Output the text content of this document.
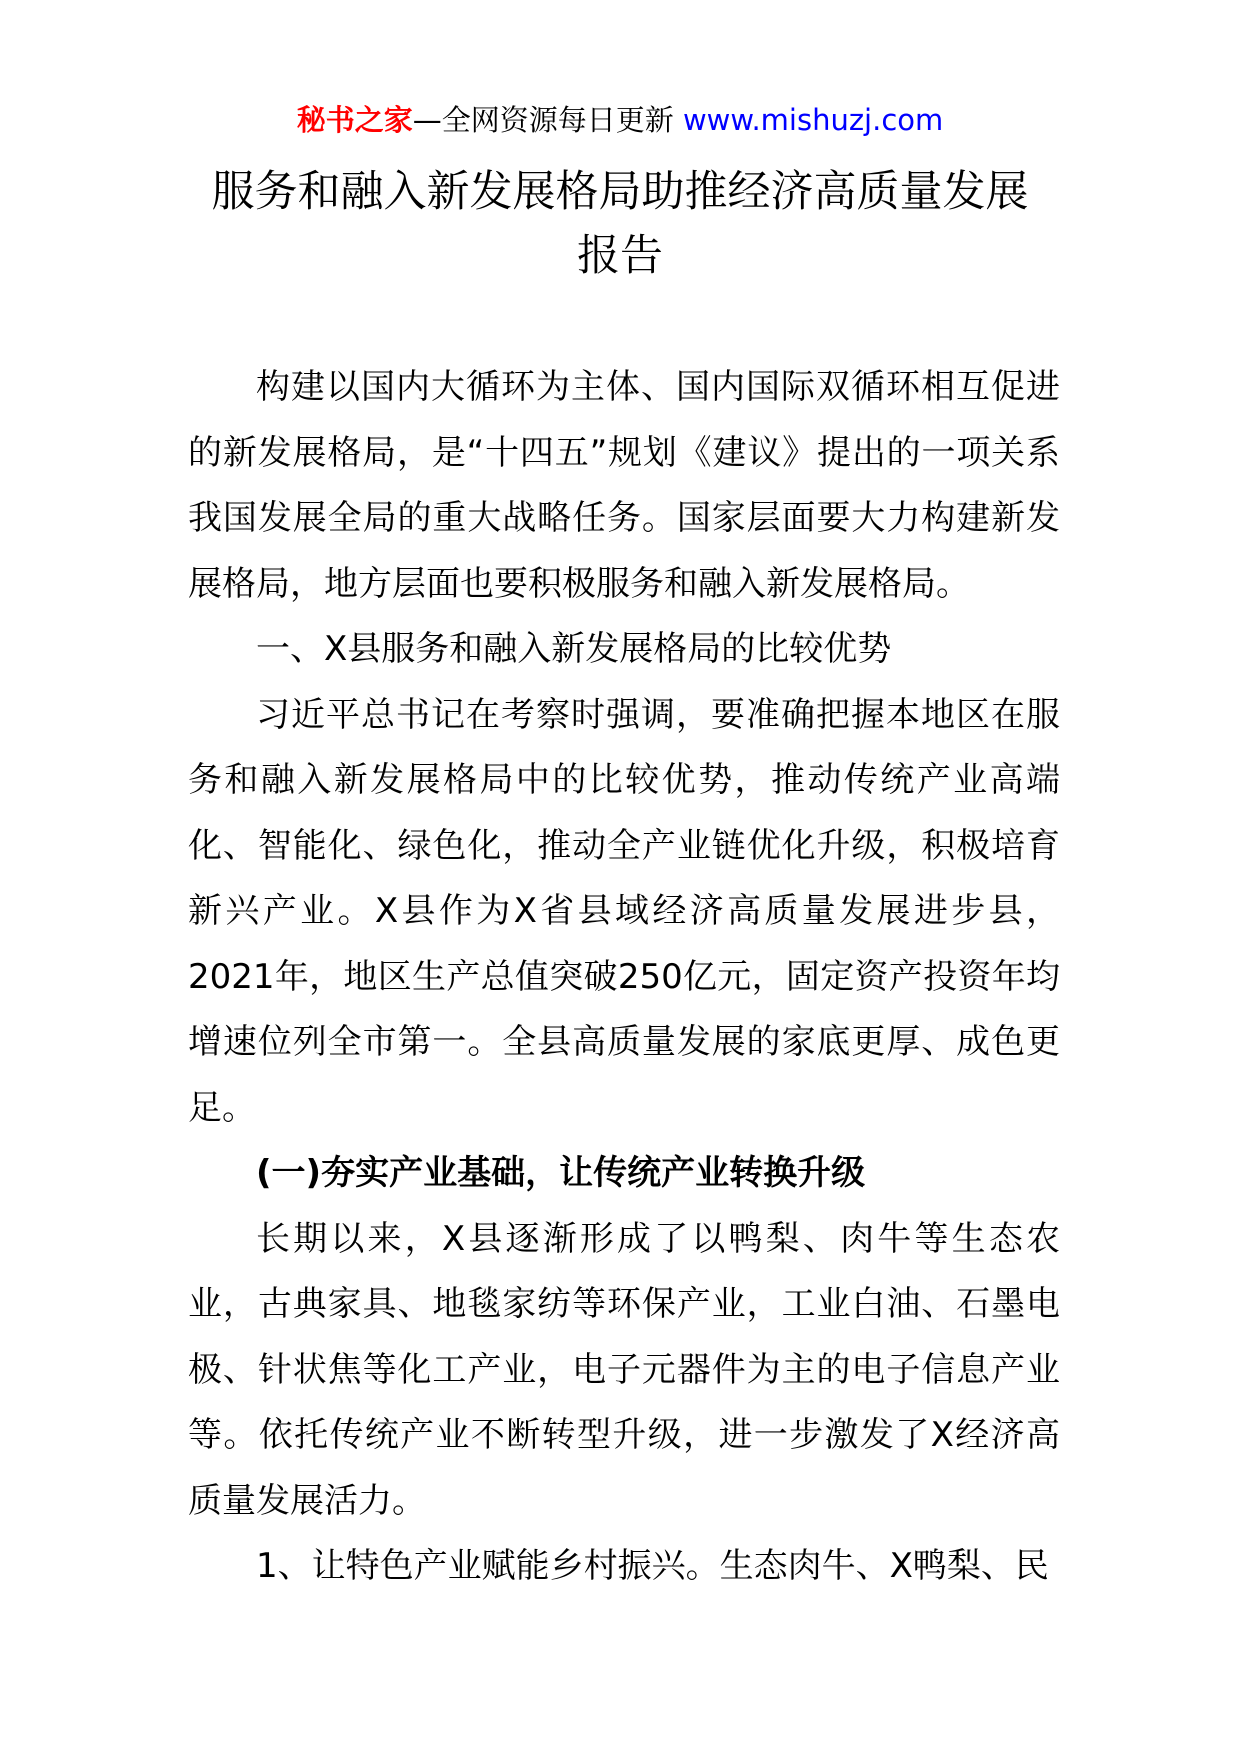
秘书之家—全网资源每日更新 www.mishuzj.com
服务和融入新发展格局助推经济高质量发展
报告

构建以国内大循环为主体、国内国际双循环相互促进的新发展格局，是“十四五”规划《建议》提出的一项关系我国发展全局的重大战略任务。国家层面要大力构建新发展格局，地方层面也要积极服务和融入新发展格局。

一、X县服务和融入新发展格局的比较优势

习近平总书记在考察时强调，要准确把握本地区在服务和融入新发展格局中的比较优势，推动传统产业高端化、智能化、绿色化，推动全产业链优化升级，积极培育新兴产业。X县作为X省县域经济高质量发展进步县，2021年，地区生产总值突破250亿元，固定资产投资年均增速位列全市第一。全县高质量发展的家底更厚、成色更足。

(一)夯实产业基础，让传统产业转换升级

长期以来，X县逐渐形成了以鸭梨、肉牛等生态农业，古典家具、地毯家纺等环保产业，工业白油、石墨电极、针状焦等化工产业，电子元器件为主的电子信息产业等。依托传统产业不断转型升级，进一步激发了X经济高质量发展活力。

1、让特色产业赋能乡村振兴。生态肉牛、X鸭梨、民
